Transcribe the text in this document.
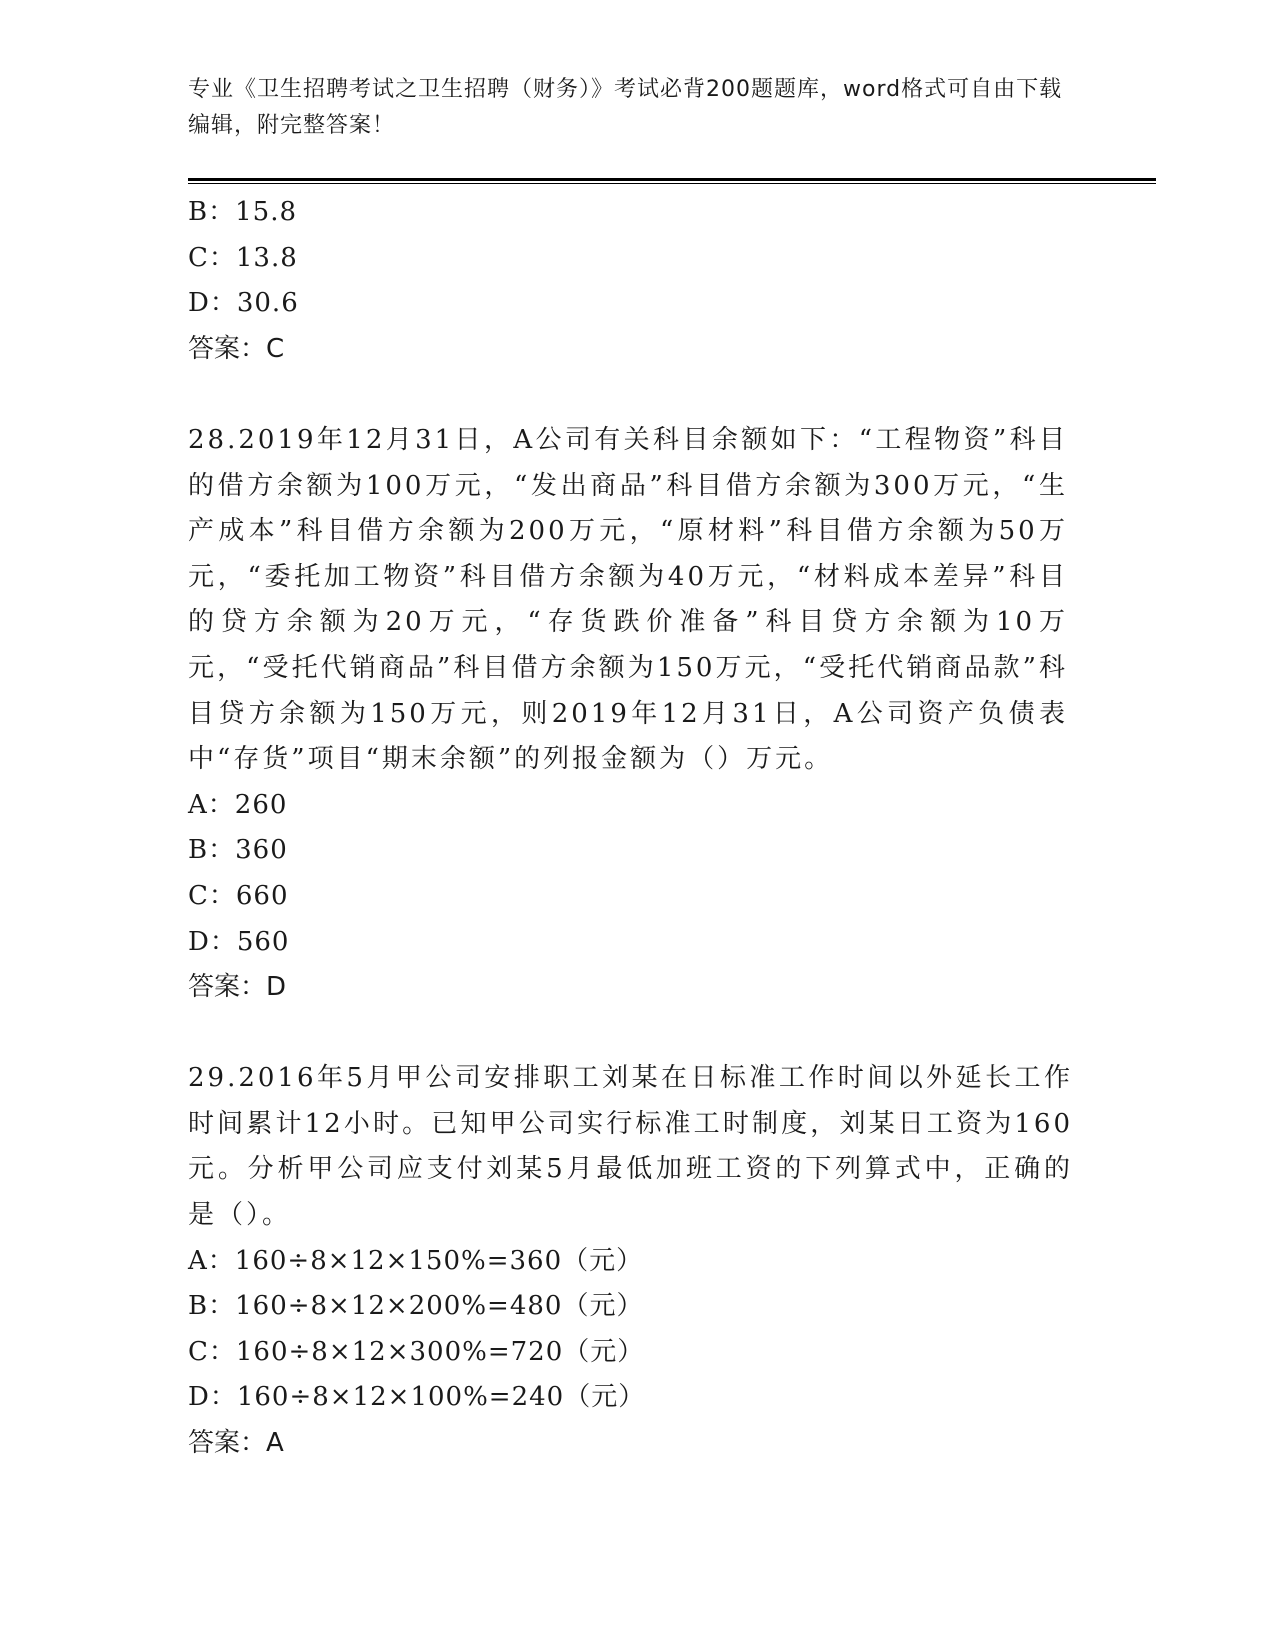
专业《卫生招聘考试之卫生招聘（财务）》考试必背200题题库，word格式可自由下载编辑，附完整答案！
B：15.8
C：13.8
D：30.6
答案：C
28.2019年12月31日，A公司有关科目余额如下：“工程物资”科目的借方余额为100万元，“发出商品”科目借方余额为300万元，“生产成本”科目借方余额为200万元，“原材料”科目借方余额为50万元，“委托加工物资”科目借方余额为40万元，“材料成本差异”科目的贷方余额为20万元，“存货跌价准备”科目贷方余额为10万元，“受托代销商品”科目借方余额为150万元，“受托代销商品款”科目贷方余额为150万元，则2019年12月31日，A公司资产负债表中“存货”项目“期末余额”的列报金额为（）万元。
A：260
B：360
C：660
D：560
答案：D
29.2016年5月甲公司安排职工刘某在日标准工作时间以外延长工作时间累计12小时。已知甲公司实行标准工时制度，刘某日工资为160元。分析甲公司应支付刘某5月最低加班工资的下列算式中，正确的是（）。
A：160÷8×12×150%=360（元）
B：160÷8×12×200%=480（元）
C：160÷8×12×300%=720（元）
D：160÷8×12×100%=240（元）
答案：A
